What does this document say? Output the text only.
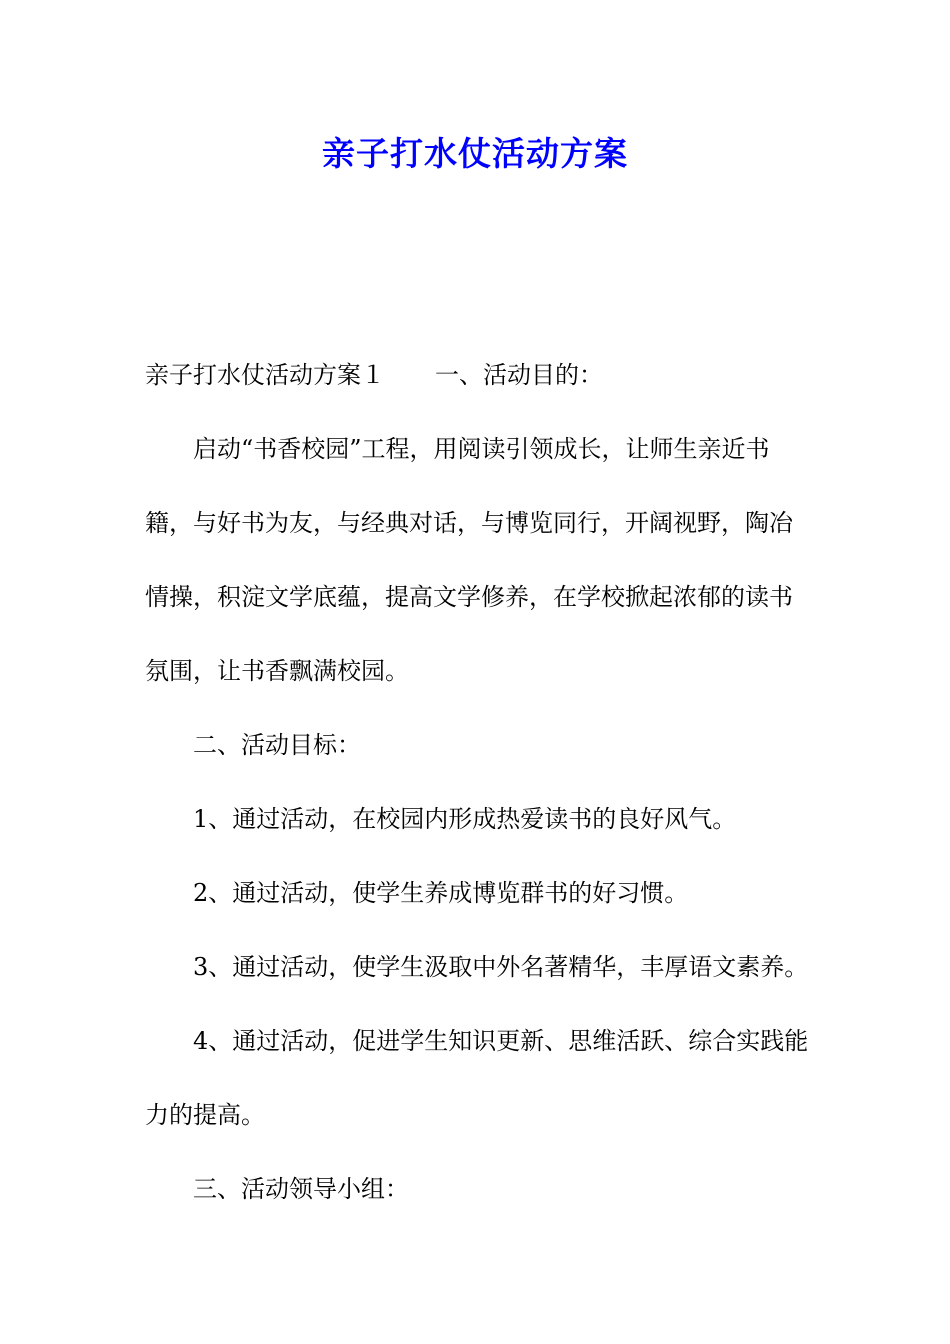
亲子打水仗活动方案

亲子打水仗活动方案１ 一、活动目的：

启动“书香校园”工程，用阅读引领成长，让师生亲近书

籍，与好书为友，与经典对话，与博览同行，开阔视野，陶冶

情操，积淀文学底蕴，提高文学修养，在学校掀起浓郁的读书

氛围，让书香飘满校园。

二、活动目标：

1、通过活动，在校园内形成热爱读书的良好风气。

2、通过活动，使学生养成博览群书的好习惯。

3、通过活动，使学生汲取中外名著精华，丰厚语文素养。

4、通过活动，促进学生知识更新、思维活跃、综合实践能

力的提高。

三、活动领导小组：
